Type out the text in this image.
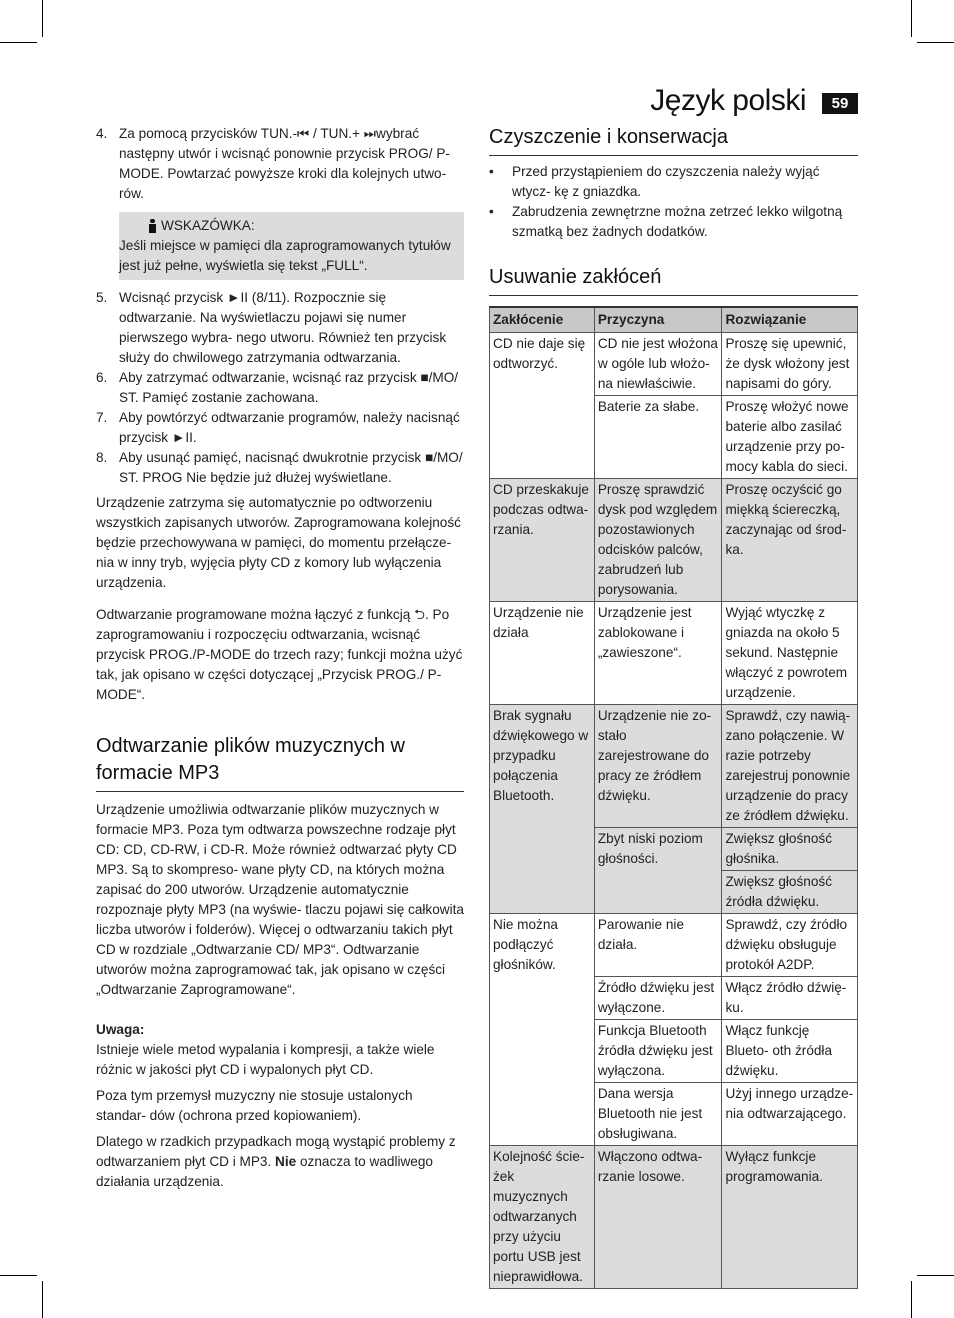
Język polski	59
4. Za pomocą przycisków TUN.-⏮ / TUN.+ ⏭wybrać następny utwór i wcisnąć ponownie przycisk PROG/ P-MODE. Powtarzać powyższe kroki dla kolejnych utwo- rów.
WSKAZÓWKA:
Jeśli miejsce w pamięci dla zaprogramowanych tytułów jest już pełne, wyświetla się tekst „FULL“.
5. Wcisnąć przycisk ►II (8/11). Rozpocznie się odtwarzanie. Na wyświetlaczu pojawi się numer pierwszego wybra- nego utworu. Również ten przycisk służy do chwilowego zatrzymania odtwarzania.
6. Aby zatrzymać odtwarzanie, wcisnąć raz przycisk ■/MO/ ST. Pamięć zostanie zachowana.
7. Aby powtórzyć odtwarzanie programów, należy nacisnąć przycisk ►II.
8. Aby usunąć pamięć, nacisnąć dwukrotnie przycisk ■/MO/ ST. PROG Nie będzie już dłużej wyświetlane.

Urządzenie zatrzyma się automatycznie po odtworzeniu wszystkich zapisanych utworów. Zaprogramowana kolejność będzie przechowywana w pamięci, do momentu przełącze- nia w inny tryb, wyjęcia płyty CD z komory lub wyłączenia urządzenia.

Odtwarzanie programowane można łączyć z funkcją ⮌. Po zaprogramowaniu i rozpoczęciu odtwarzania, wcisnąć przycisk PROG./P-MODE do trzech razy; funkcji można użyć tak, jak opisano w części dotyczącej „Przycisk PROG./ P-MODE“.

Odtwarzanie plików muzycznych w formacie MP3

Urządzenie umożliwia odtwarzanie plików muzycznych w formacie MP3. Poza tym odtwarza powszechne rodzaje płyt CD: CD, CD-RW, i CD-R. Może również odtwarzać płyty CD MP3. Są to skompreso- wane płyty CD, na których można zapisać do 200 utworów. Urządzenie automatycznie rozpoznaje płyty MP3 (na wyświe- tlaczu pojawi się całkowita liczba utworów i folderów). Więcej o odtwarzaniu takich płyt CD w rozdziale „Odtwarzanie CD/ MP3“. Odtwarzanie utworów można zaprogramować tak, jak opisano w części „Odtwarzanie Zaprogramowane“.

Uwaga:

Istnieje wiele metod wypalania i kompresji, a także wiele różnic w jakości płyt CD i wypalonych płyt CD.

Poza tym przemysł muzyczny nie stosuje ustalonych standar- dów (ochrona przed kopiowaniem).

Dlatego w rzadkich przypadkach mogą wystąpić problemy z odtwarzaniem płyt CD i MP3. Nie oznacza to wadliwego działania urządzenia.

Czyszczenie i konserwacja
•	Przed przystąpieniem do czyszczenia należy wyjąć wtycz- kę z gniazdka.
•	Zabrudzenia zewnętrzne można zetrzeć lekko wilgotną szmatką bez żadnych dodatków.
Usuwanie zakłóceń
Zakłócenie	Przyczyna	Rozwiązanie
CD nie daje się odtworzyć.	CD nie jest włożona w ogóle lub włożo- na niewłaściwie.	Proszę się upewnić, że dysk włożony jest napisami do góry.
	Baterie za słabe.	Proszę włożyć nowe baterie albo zasilać urządzenie przy po- mocy kabla do sieci.
CD przeskakuje podczas odtwa- rzania.	Proszę sprawdzić dysk pod względem pozostawionych odcisków palców, zabrudzeń lub porysowania.	Proszę oczyścić go miękką ściereczką, zaczynając od środ- ka.
Urządzenie nie działa	Urządzenie jest zablokowane i „zawieszone“.	Wyjąć wtyczkę z gniazda na około 5 sekund. Następnie włączyć z powrotem urządzenie.
Brak sygnału dźwiękowego w przypadku połączenia Bluetooth.	Urządzenie nie zo- stało zarejestrowane do pracy ze źródłem dźwięku.	Sprawdź, czy nawią- zano połączenie. W razie potrzeby zarejestruj ponownie urządzenie do pracy ze źródłem dźwięku.
	Zbyt niski poziom głośności.	Zwiększ głośność głośnika.
		Zwiększ głośność źródła dźwięku.
Nie można podłączyć głośników.	Parowanie nie działa.	Sprawdź, czy źródło dźwięku obsługuje protokół A2DP.
	Źródło dźwięku jest wyłączone.	Włącz źródło dźwię- ku.
	Funkcja Bluetooth źródła dźwięku jest wyłączona.	Włącz funkcję Blueto- oth źródła dźwięku.
	Dana wersja Bluetooth nie jest obsługiwana.	Użyj innego urządze- nia odtwarzającego.
Kolejność ście- żek muzycznych odtwarzanych przy użyciu portu USB jest nieprawidłowa.	Włączono odtwa- rzanie losowe.	Wyłącz funkcje programowania.
